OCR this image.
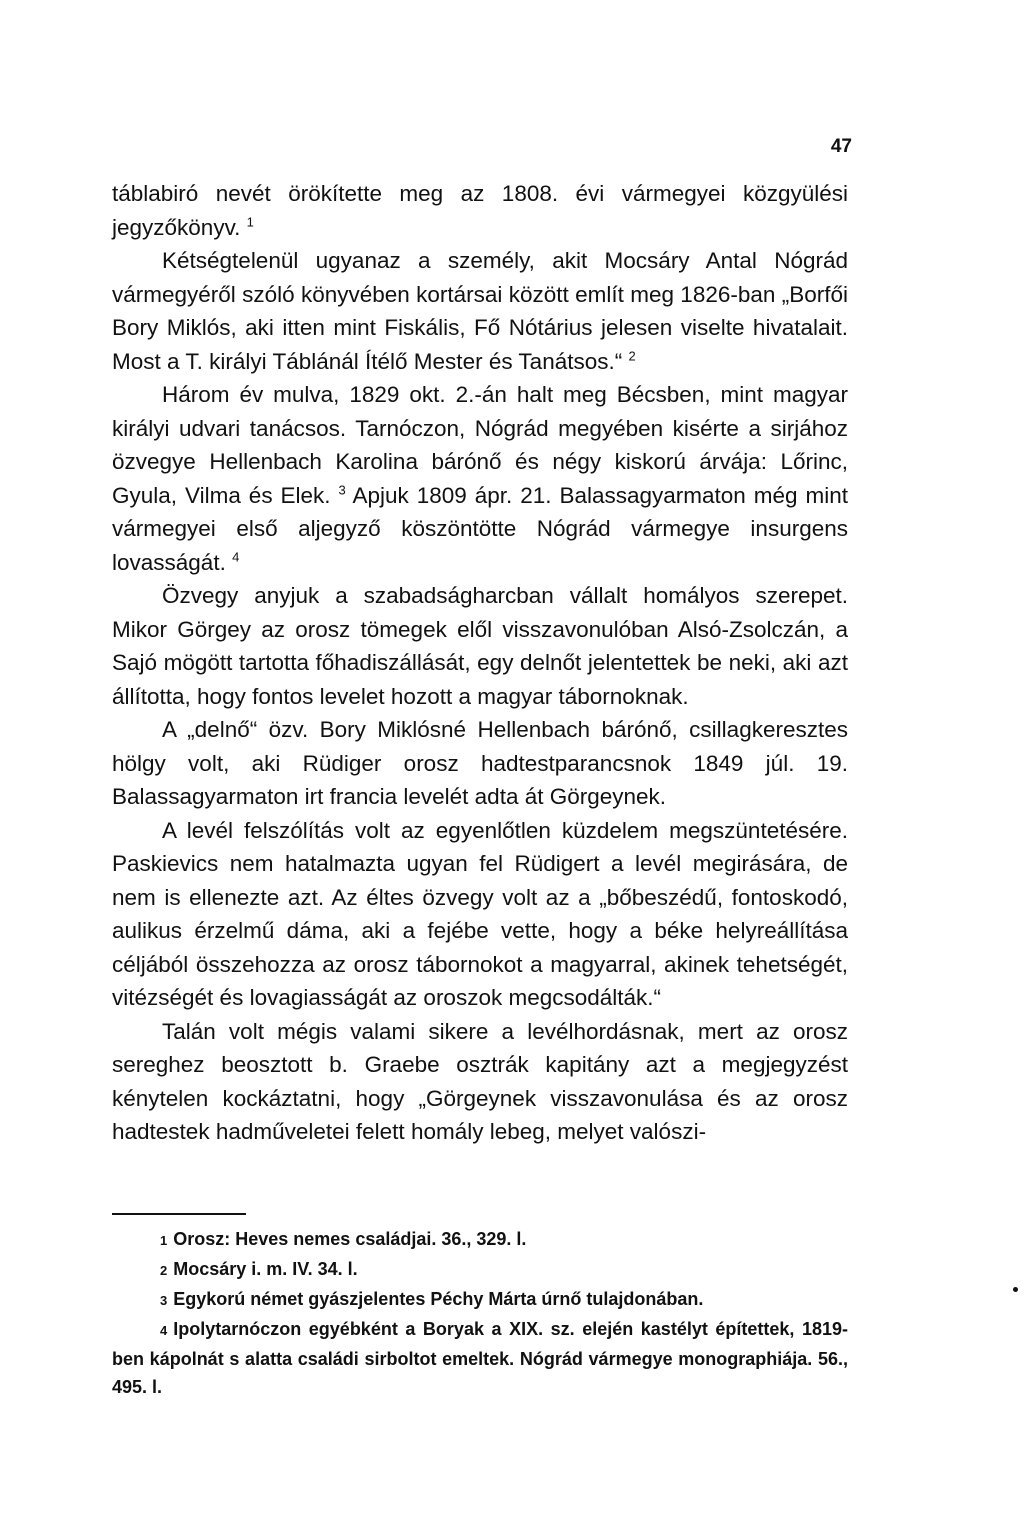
47

táblabiró nevét örökítette meg az 1808. évi vármegyei közgyülési jegyzőkönyv. $^1$

Kétségtelenül ugyanaz a személy, akit Mocsáry Antal Nógrád vármegyéről szóló könyvében kortársai között említ meg 1826-ban „Borfői Bory Miklós, aki itten mint Fiskális, Fő Nótárius jelesen viselte hivatalait. Most a T. királyi Táblánál Ítélő Mester és Tanátsos.“ $^2$

Három év mulva, 1829 okt. 2.-án halt meg Bécsben, mint magyar királyi udvari tanácsos. Tarnóczon, Nógrád megyében kisérte a sirjához özvegye Hellenbach Karolina bárónő és négy kiskorú árvája: Lőrinc, Gyula, Vilma és Elek. $^3$ Apjuk 1809 ápr. 21. Balassagyarmaton még mint vármegyei első aljegyző köszöntötte Nógrád vármegye insurgens lovasságát. $^4$

Özvegy anyjuk a szabadságharcban vállalt homályos szerepet. Mikor Görgey az orosz tömegek elől visszavonulóban Alsó-Zsolczán, a Sajó mögött tartotta főhadiszállását, egy delnőt jelentettek be neki, aki azt állította, hogy fontos levelet hozott a magyar tábornoknak.

A „delnő“ özv. Bory Miklósné Hellenbach bárónő, csillagkeresztes hölgy volt, aki Rüdiger orosz hadtestparancsnok 1849 júl. 19. Balassagyarmaton irt francia levelét adta át Görgeynek.

A levél felszólítás volt az egyenlőtlen küzdelem megszüntetésére. Paskievics nem hatalmazta ugyan fel Rüdigert a levél megirására, de nem is ellenezte azt. Az éltes özvegy volt az a „bőbeszédű, fontoskodó, aulikus érzelmű dáma, aki a fejébe vette, hogy a béke helyreállítása céljából összehozza az orosz tábornokot a magyarral, akinek tehetségét, vitézségét és lovagiasságát az oroszok megcsodálták.“

Talán volt mégis valami sikere a levélhordásnak, mert az orosz sereghez beosztott b. Graebe osztrák kapitány azt a megjegyzést kénytelen kockáztatni, hogy „Görgeynek visszavonulása és az orosz hadtestek hadműveletei felett homály lebeg, melyet valószi-

1 Orosz: Heves nemes családjai. 36., 329. l.

2 Mocsáry i. m. IV. 34. l.

3 Egykorú német gyászjelentes Péchy Márta úrnő tulajdonában.

4 Ipolytarnóczon egyébként a Boryak a XIX. sz. elején kastélyt építettek, 1819-ben kápolnát s alatta családi sirboltot emeltek. Nógrád vármegye monographiája. 56., 495. l.
